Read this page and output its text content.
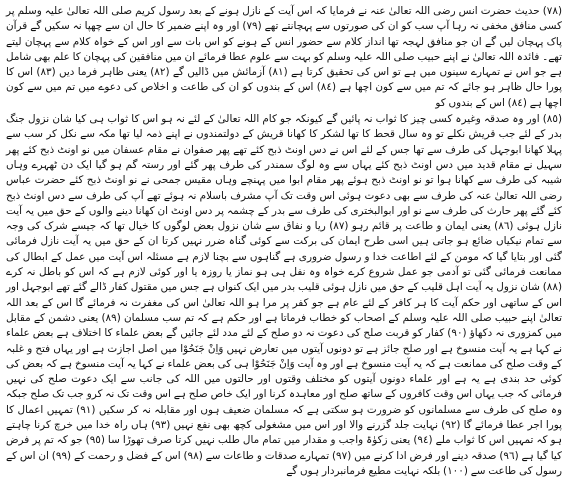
(٧٨) حدیث حضرت انس رضی اللہ تعالیٰ عنہ نے فرمایا کہ اس آیت کے نازل ہونے کے بعد رسول کریم صلی اللہ تعالیٰ علیہ وسلم پر کسی منافق مخفی نہ رہا آپ سب کو ان کی صورتوں سے پہچانتے تھے (٧٩) اور وہ اپنے ضمیر کا حال ان سے چھپا نہ سکیں گے قرآن پاک پہچان لیں گے ان جو منافق لہجہ تھا انداز کلام سے حضور انس کے ہونے کو اس بات سے اور اس کے خواہ کلام سے پہچان لیتے تھے۔ فائدہ اللہ تعالیٰ نے اپنے حبیب صلی اللہ علیہ وسلم کو بہت سے علوم عطا فرمائے ان میں منافقین کی پہچان کا علم بھی شامل ہے جو اس نے تمہارے سینوں میں ہے تو اس کی تحقیق کرتا ہے (٨١) آزمائش میں ڈالیں گے (٨٢) یعنی ظاہر فرما دیں (٨٣) اس کا پورا حال ظاہر ہو جائے کہ تم میں سے کون اچھا ہے (٨٤) اس کے بندوں کو ان کی طاعت و اخلاص کی دعوے میں تم میں سے کون اچھا ہے (٨٤) اس کے بندوں کو

(٨٥) اور وہ صدقہ وغیرہ کسی چیز کا ثواب نہ پائیں گے کیونکہ جو کام اللہ تعالیٰ کے لئے نہ ہو اس کا ثواب ہی کیا شان نزول جنگ بدر کے لئے جب قریش نکلے تو وہ سال قحط کا تھا لشکر کا کھانا قریش کے دولتمندوں نے اپنے ذمہ لیا تھا مکہ سے نکل کر سب سے پہلا کھانا ابوجہل کی طرف سے تھا جس کے لئے اس نے دس اونٹ ذبح کئے تھے پھر صفوان نے مقام عسفان میں نو اونٹ ذبح کئے پھر سہیل نے مقام قدید میں دس اونٹ ذبح کئے یہاں سے وہ لوگ سمندر کی طرف پھر گئے اور رستہ گم ہو گیا ایک دن ٹھہرے وہاں شیبہ کی طرف سے کھانا ہوا تو نو اونٹ ذبح ہوئے پھر مقام ابوا میں پہنچے وہاں مقیس جمحی نے نو اونٹ ذبح کئے حضرت عباس رضی اللہ تعالیٰ عنہ کی طرف سے بھی دعوت ہوئی اس وقت تک آپ مشرف باسلام نہ ہوئے تھے آپ کی طرف سے دس اونٹ ذبح کئے گئے پھر حارث کی طرف سے نو اور ابوالبختری کی طرف سے بدر کے چشمہ پر دس اونٹ ان کھانا دینے والوں کے حق میں یہ آیت نازل ہوئی (٨٦) یعنی ایمان و طاعت پر قائم رہو (٨٧) ریا و نفاق سے شان نزول بعض لوگوں کا خیال تھا کہ جیسے شرک کی وجہ سے تمام نیکیاں ضائع ہو جاتی ہیں اسی طرح ایمان کی برکت سے کوئی گناہ ضرر نہیں کرتا ان کے حق میں یہ آیت نازل فرمائی گئی اور بتایا گیا کہ مومن کے لئے اطاعت خدا و رسول ضروری ہے گناہوں سے بچنا لازم ہے مسئلہ اس آیت میں عمل کے ابطال کی ممانعت فرمائی گئی تو آدمی جو عمل شروع کرے خواہ وہ نفل ہی ہو نماز یا روزہ یا اور کوئی لازم ہے کہ اس کو باطل نہ کرے (٨٨) شان نزول یہ آیت اہل قلیب کے حق میں نازل ہوئی قلیب بدر میں ایک کنواں ہے جس میں مقتول کفار ڈالے گئے تھے ابوجہل اور اس کے ساتھی اور حکم آیت کا ہر کافر کے لئے عام ہے جو کفر پر مرا ہو اللہ تعالیٰ اس کی مغفرت نہ فرمائے گا اس کے بعد اللہ تعالیٰ اپنے حبیب صلی اللہ علیہ وسلم کے اصحاب کو خطاب فرماتا ہے اور حکم ہے کہ تم سب مسلمان (٨٩) یعنی دشمن کے مقابل میں کمزوری نہ دکھاؤ (٩٠) کفار کو قربت صلح کی دعوت نہ دو صلح کے لئے مدد لئے جائیں گے بعض علماء کا اختلاف ہے بعض علماء نے کہا ہے یہ آیت منسوخ ہے اور صلح جائز ہے تو دونوں آیتوں میں تعارض نہیں وَاِنْ جَنَحُوْا میں اصل اجازت ہے اور یہاں فتح و غلبہ کے وقت صلح کی ممانعت ہے کہ یہ آیت منسوخ ہے اور وہ آیت وَاِنْ جَنَحُوْا ہی کی بعض علماء نے کہا یہ آیت منسوخ ہے کہ بعض کی کوئی حد بندی ہے یہ ہے اور علماء دونوں آیتوں کو مختلف وقتوں اور حالتوں میں اللہ کی جانب سے ایک دعوت صلح کی نہیں فرمائی کہ جب یہاں اس وقت کافروں کے ساتھ صلح اور معاہدہ کرنا اور ایک خاص صلح ہے اس وقت تک نہ کرو جب تک صلح جبکہ وہ صلح کی طرف سے مسلمانوں کو ضرورت ہو سکتی ہے کہ مسلمان ضعیف ہوں اور مقابلہ نہ کر سکیں (٩١) تمہیں اعمال کا پورا اجر عطا فرمائے گا (٩٢) نہایت جلد گزرنے والا اور اس میں مشغولی کچھ بھی نفع نہیں (٩٣) ہاں راہ خدا میں خرچ کرنا چاہتے ہو کہ تمہیں اس کا ثواب ملے (٩٤) یعنی زکوٰۃ واجب و مقدار میں تمام مال طلب نہیں کرتا صرف تھوڑا سا (٩٥) جو کہ تم پر فرض کیا گیا ہے (٩٦) صدقہ دینے اور فرض ادا کرنے میں (٩٧) تمہارے صدقات و طاعات سے (٩٨) اس کے فضل و رحمت کے (٩٩) ان اس کے رسول کی طاعت سے (١٠٠) بلکہ نہایت مطیع فرمانبردار ہوں گے
